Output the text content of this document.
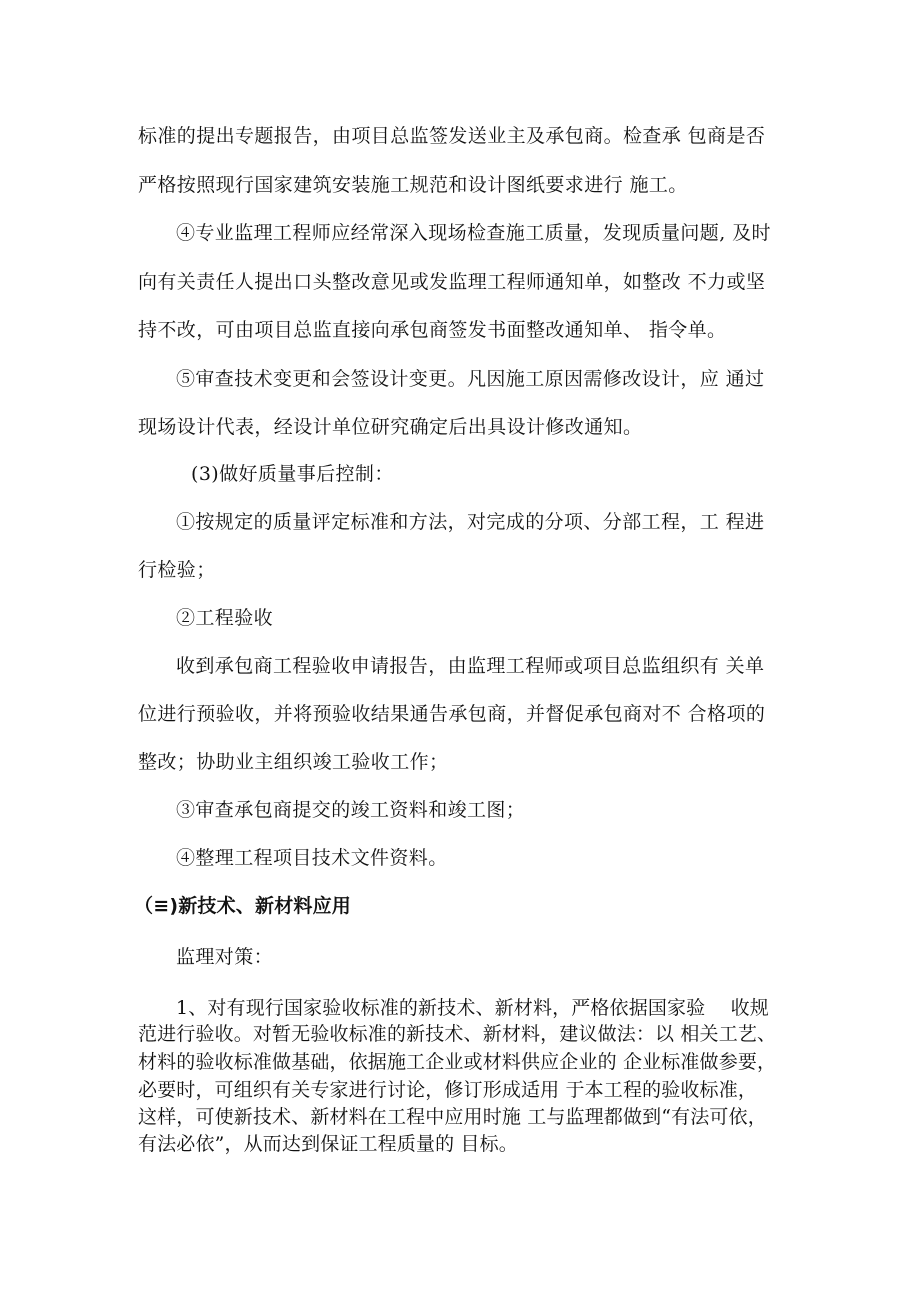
标准的提出专题报告，由项目总监签发送业主及承包商。检查承 包商是否
严格按照现行国家建筑安装施工规范和设计图纸要求进行 施工。
④专业监理工程师应经常深入现场检查施工质量，发现质量问题, 及时
向有关责任人提出口头整改意见或发监理工程师通知单，如整改 不力或坚
持不改，可由项目总监直接向承包商签发书面整改通知单、 指令单。
⑤审查技术变更和会签设计变更。凡因施工原因需修改设计，应 通过
现场设计代表，经设计单位研究确定后出具设计修改通知。
(3)做好质量事后控制：
①按规定的质量评定标准和方法，对完成的分项、分部工程，工 程进
行检验；
②工程验收
收到承包商工程验收申请报告，由监理工程师或项目总监组织有 关单
位进行预验收，并将预验收结果通告承包商，并督促承包商对不 合格项的
整改；协助业主组织竣工验收工作；
③审查承包商提交的竣工资料和竣工图；
④整理工程项目技术文件资料。
（≡)新技术、新材料应用
监理对策：
1、对有现行国家验收标准的新技术、新材料，严格依据国家验　 收规
范进行验收。对暂无验收标准的新技术、新材料，建议做法：以 相关工艺、
材料的验收标准做基础，依据施工企业或材料供应企业的 企业标准做参要，
必要时，可组织有关专家进行讨论，修订形成适用 于本工程的验收标准，
这样，可使新技术、新材料在工程中应用时施 工与监理都做到“有法可依，
有法必依”，从而达到保证工程质量的 目标。
